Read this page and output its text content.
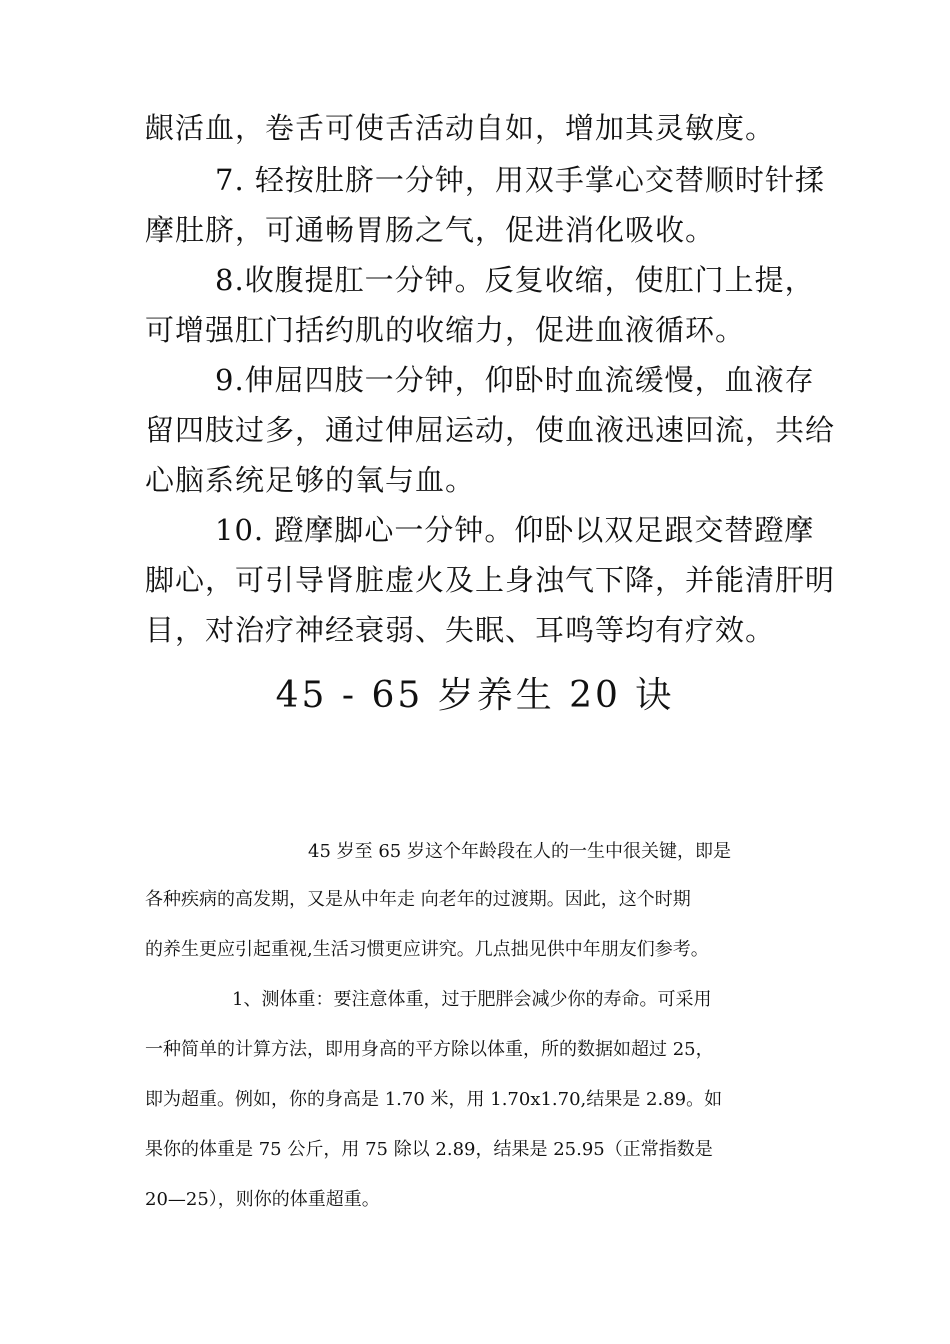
龈活血，卷舌可使舌活动自如，增加其灵敏度。
7. 轻按肚脐一分钟，用双手掌心交替顺时针揉
摩肚脐，可通畅胃肠之气，促进消化吸收。
8.收腹提肛一分钟。反复收缩，使肛门上提，
可增强肛门括约肌的收缩力，促进血液循环。
9.伸屈四肢一分钟，仰卧时血流缓慢，血液存
留四肢过多，通过伸屈运动，使血液迅速回流，共给
心脑系统足够的氧与血。
10. 蹬摩脚心一分钟。仰卧以双足跟交替蹬摩
脚心，可引导肾脏虚火及上身浊气下降，并能清肝明
目，对治疗神经衰弱、失眠、耳鸣等均有疗效。
45 - 65 岁养生 20 诀
45 岁至 65 岁这个年龄段在人的一生中很关键，即是
各种疾病的高发期，又是从中年走 向老年的过渡期。因此，这个时期
的养生更应引起重视,生活习惯更应讲究。几点拙见供中年朋友们参考。
1、测体重：要注意体重，过于肥胖会减少你的寿命。可采用
一种简单的计算方法，即用身高的平方除以体重，所的数据如超过 25，
即为超重。例如，你的身高是 1.70 米，用 1.70x1.70,结果是 2.89。如
果你的体重是 75 公斤，用 75 除以 2.89，结果是 25.95（正常指数是
20—25），则你的体重超重。
